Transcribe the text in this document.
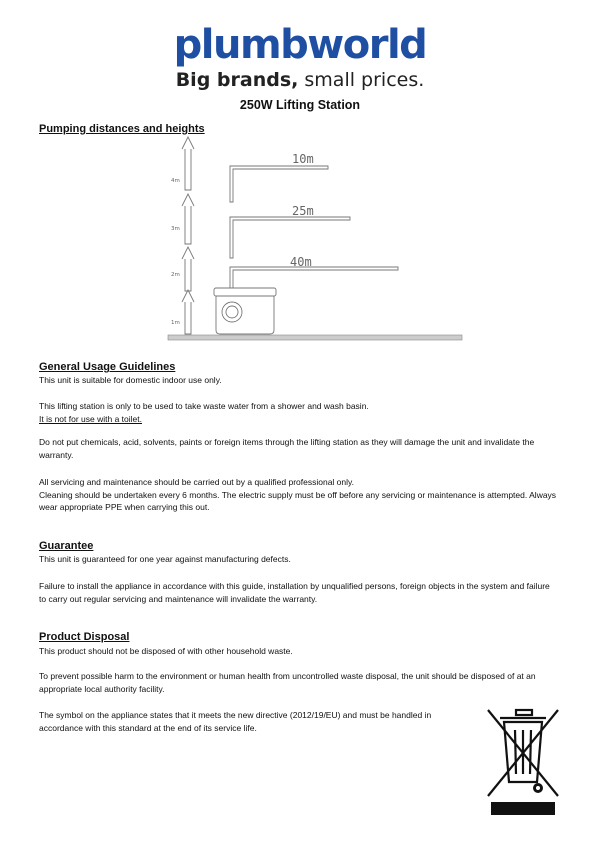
plumbworld
Big brands, small prices.
250W Lifting Station
Pumping distances and heights
4m
3m
2m
1m
10m
25m
40m
General Usage Guidelines
This unit is suitable for domestic indoor use only.
This lifting station is only to be used to take waste water from a shower and wash basin.
It is not for use with a toilet.
Do not put chemicals, acid, solvents, paints or foreign items through the lifting station as they will damage the unit and invalidate the warranty.
All servicing and maintenance should be carried out by a qualified professional only.
Cleaning should be undertaken every 6 months. The electric supply must be off before any servicing or maintenance is attempted. Always wear appropriate PPE when carrying this out.
Guarantee
This unit is guaranteed for one year against manufacturing defects.
Failure to install the appliance in accordance with this guide, installation by unqualified persons, foreign objects in the system and failure to carry out regular servicing and maintenance will invalidate the warranty.
Product Disposal
This product should not be disposed of with other household waste.
To prevent possible harm to the environment or human health from uncontrolled waste disposal, the unit should be disposed of at an appropriate local authority facility.
The symbol on the appliance states that it meets the new directive (2012/19/EU) and must be handled in accordance with this standard at the end of its service life.
